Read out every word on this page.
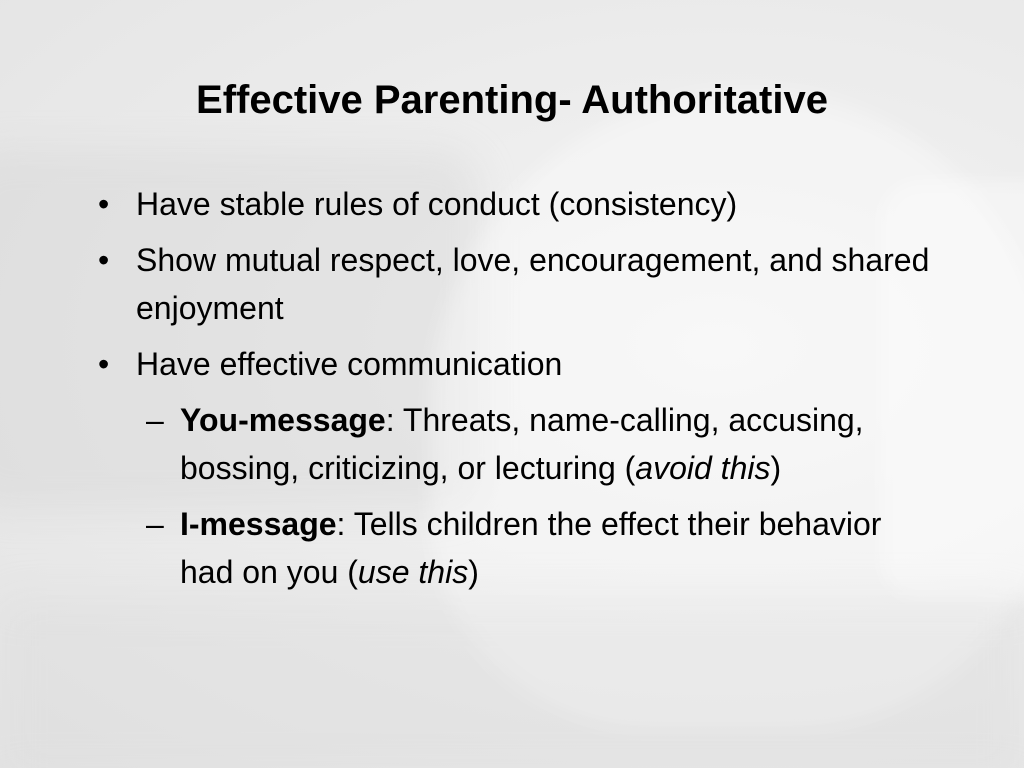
Effective Parenting- Authoritative
• Have stable rules of conduct (consistency)
• Show mutual respect, love, encouragement, and shared enjoyment
• Have effective communication
– You-message: Threats, name-calling, accusing, bossing, criticizing, or lecturing (avoid this)
– I-message: Tells children the effect their behavior had on you (use this)
